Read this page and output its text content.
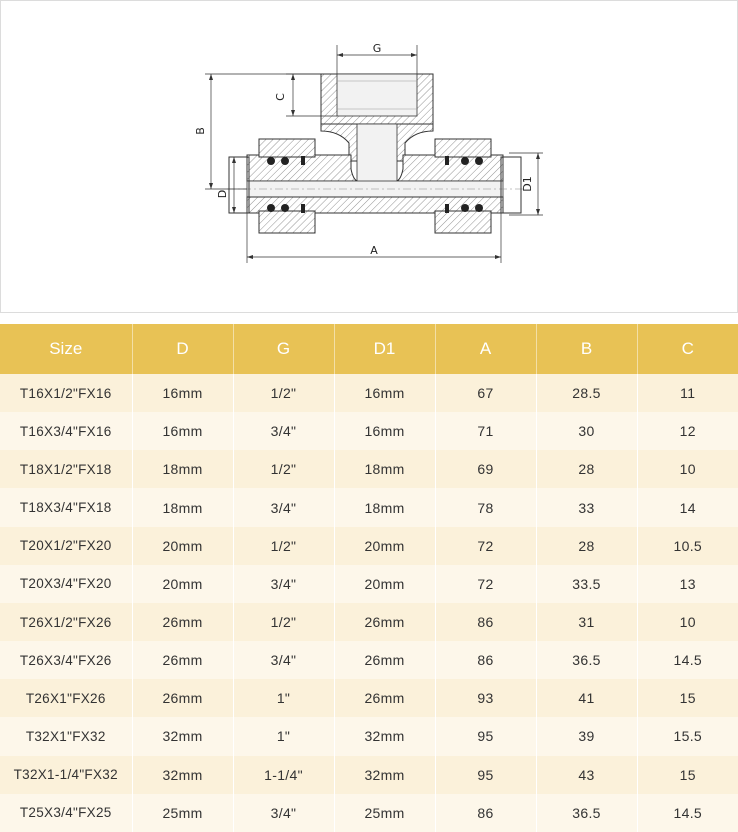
G
C
B
D
D1
A
Size	D	G	D1	A	B	C
T16X1/2"FX16	16mm	1/2"	16mm	67	28.5	11
T16X3/4"FX16	16mm	3/4"	16mm	71	30	12
T18X1/2"FX18	18mm	1/2"	18mm	69	28	10
T18X3/4"FX18	18mm	3/4"	18mm	78	33	14
T20X1/2"FX20	20mm	1/2"	20mm	72	28	10.5
T20X3/4"FX20	20mm	3/4"	20mm	72	33.5	13
T26X1/2"FX26	26mm	1/2"	26mm	86	31	10
T26X3/4"FX26	26mm	3/4"	26mm	86	36.5	14.5
T26X1"FX26	26mm	1"	26mm	93	41	15
T32X1"FX32	32mm	1"	32mm	95	39	15.5
T32X1-1/4"FX32	32mm	1-1/4"	32mm	95	43	15
T25X3/4"FX25	25mm	3/4"	25mm	86	36.5	14.5
